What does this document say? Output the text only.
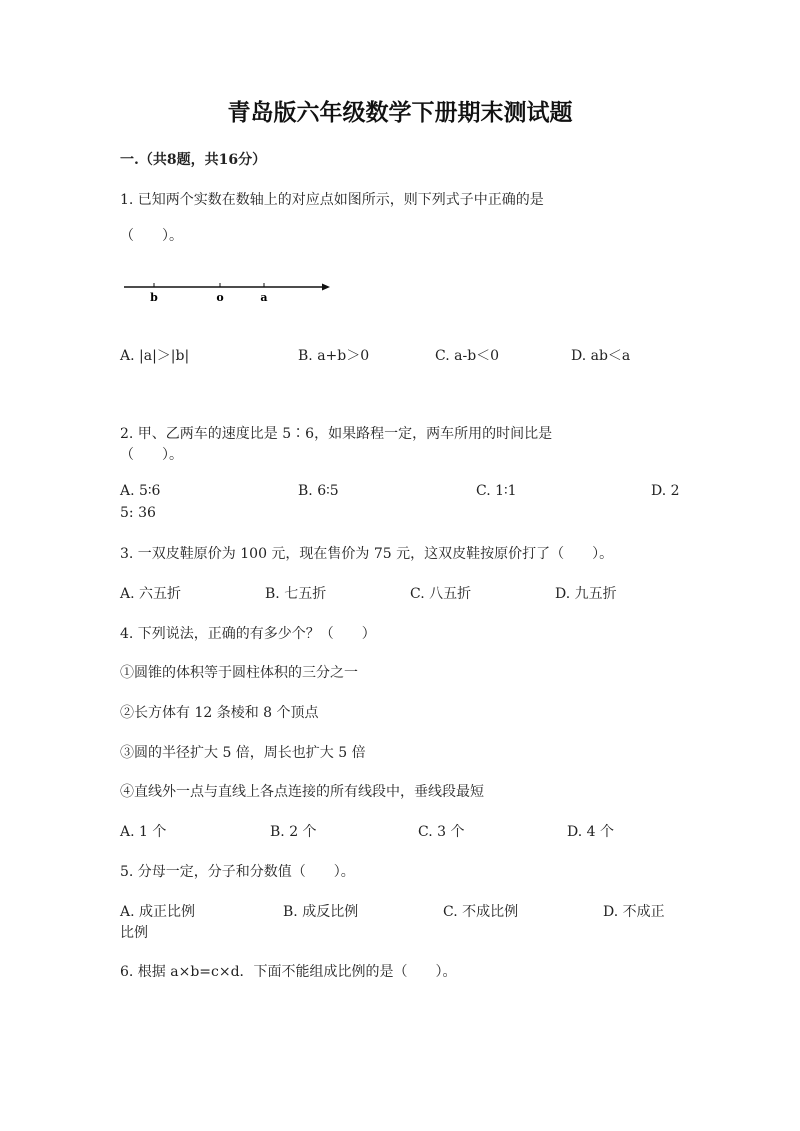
青岛版六年级数学下册期末测试题
一.（共8题，共16分）
1. 已知两个实数在数轴上的对应点如图所示，则下列式子中正确的是
（　　）。
b	o	a
A. |a|＞|b|	B. a+b＞0	C. a-b＜0	D. ab＜a
2. 甲、乙两车的速度比是 5∶6，如果路程一定，两车所用的时间比是
（　　）。
A. 5∶6	B. 6∶5	C. 1∶1	D. 2
5: 36
3. 一双皮鞋原价为 100 元，现在售价为 75 元，这双皮鞋按原价打了（　　）。
A. 六五折	B. 七五折	C. 八五折	D. 九五折
4. 下列说法，正确的有多少个？（　　）
①圆锥的体积等于圆柱体积的三分之一
②长方体有 12 条棱和 8 个顶点
③圆的半径扩大 5 倍，周长也扩大 5 倍
④直线外一点与直线上各点连接的所有线段中，垂线段最短
A. 1 个	B. 2 个	C. 3 个	D. 4 个
5. 分母一定，分子和分数值（　　）。
A. 成正比例	B. 成反比例	C. 不成比例	D. 不成正
比例
6. 根据 a×b=c×d．下面不能组成比例的是（　　）。
